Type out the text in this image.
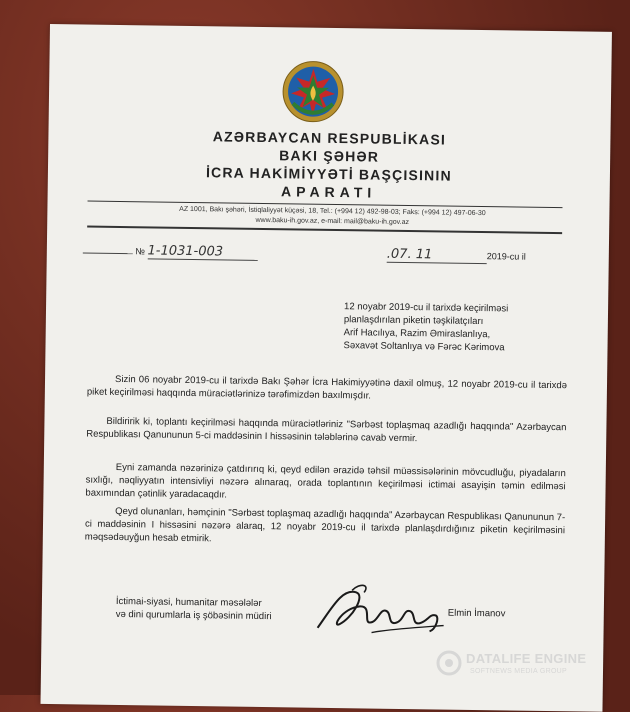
AZƏRBAYCAN RESPUBLİKASI
BAKI ŞƏHƏR
İCRA HAKİMİYYƏTİ BAŞÇISININ
APARATI
AZ 1001, Bakı şəhəri, İstiqlaliyyət küçəsi, 18, Tel.: (+994 12) 492-98-03; Faks: (+994 12) 497-06-30
www.baku-ih.gov.az, e-mail: mail@baku-ih.gov.az
№ 1-1031-003	.07. 11	2019-cu il
12 noyabr 2019-cu il tarixdə keçirilməsi
planlaşdırılan piketin təşkilatçıları
Arif Hacılıya, Razim Əmiraslanlıya,
Səxavət Soltanlıya və Fərəc Kərimova
Sizin 06 noyabr 2019-cu il tarixdə Bakı Şəhər İcra Hakimiyyətinə daxil olmuş, 12 noyabr 2019-cu il tarixdə piket keçirilməsi haqqında müraciətlərinizə tərəfimizdən baxılmışdır.
Bildiririk ki, toplantı keçirilməsi haqqında müraciətləriniz "Sərbəst toplaşmaq azadlığı haqqında" Azərbaycan Respublikası Qanununun 5-ci maddəsinin I hissəsinin tələblərinə cavab vermir.
Eyni zamanda nəzərinizə çatdırırıq ki, qeyd edilən ərazidə təhsil müəssisələrinin mövcudluğu, piyadaların sıxlığı, nəqliyyatın intensivliyi nəzərə alınaraq, orada toplantının keçirilməsi ictimai asayişin təmin edilməsi baxımından çətinlik yaradacaqdır.
Qeyd olunanları, həmçinin "Sərbəst toplaşmaq azadlığı haqqında" Azərbaycan Respublikası Qanununun 7-ci maddəsinin I hissəsini nəzərə alaraq, 12 noyabr 2019-cu il tarixdə planlaşdırdığınız piketin keçirilməsini məqsədəuyğun hesab etmirik.
İctimai-siyasi, humanitar məsələlər
və dini qurumlarla iş şöbəsinin müdiri	Elmin İmanov
DATALIFE ENGINE
SOFTNEWS MEDIA GROUP
